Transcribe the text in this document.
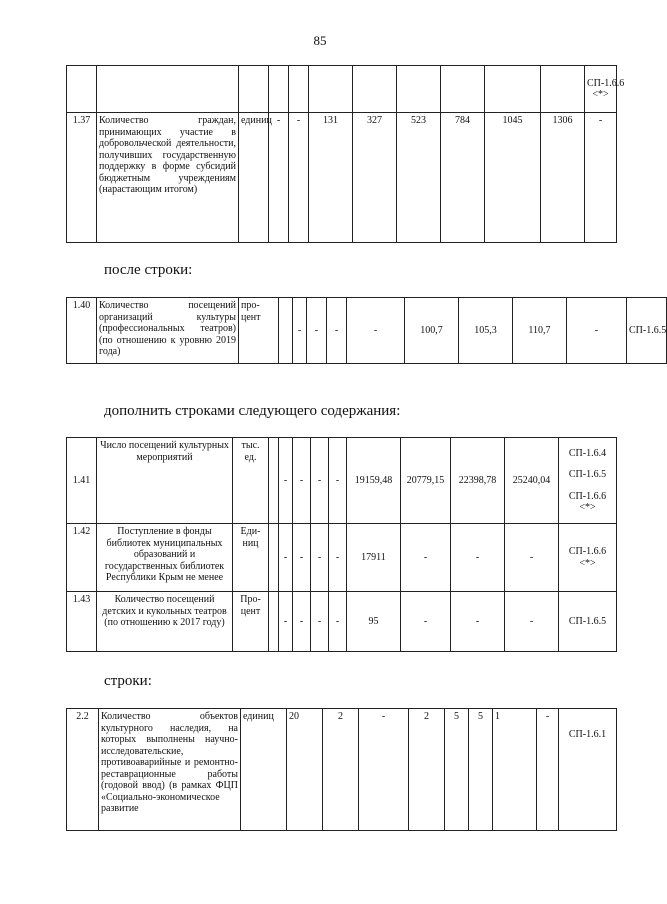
85
											СП-1.6.6 <*>
1.37	Количество граждан, принимающих участие в добровольческой деятельности, получивших государственную поддержку в форме субсидий бюджетным учреждениям (нарастающим итогом)	единиц	-	-	131	327	523	784	1045	1306	-
после строки:
1.40	Количество посещений организаций культуры (профессиональных театров) (по отношению к уровню 2019 года)	про-цент		-	-	-	-	100,7	105,3	110,7	-	СП-1.6.5
дополнить строками следующего содержания:
1.41	Число посещений культурных мероприятий	тыс. ед.		-	-	-	-	19159,48	20779,15	22398,78	25240,04	СП-1.6.4

СП-1.6.5

СП-1.6.6 <*>

1.42	Поступление в фонды библиотек муниципальных образований и государственных библиотек Республики Крым не менее	Еди-ниц		-	-	-	-	17911	-	-	-	СП-1.6.6 <*>

1.43	Количество посещений детских и кукольных театров (по отношению к 2017 году)	Про-цент		-	-	-	-	95	-	-	-	СП-1.6.5

строки:
2.2	Количество объектов культурного наследия, на которых выполнены научно-исследовательские, противоаварийные и ремонтно-реставрационные работы (годовой ввод) (в рамках ФЦП «Социально-экономическое развитие	единиц	20	2	-	2	5	5	1	-	СП-1.6.1
